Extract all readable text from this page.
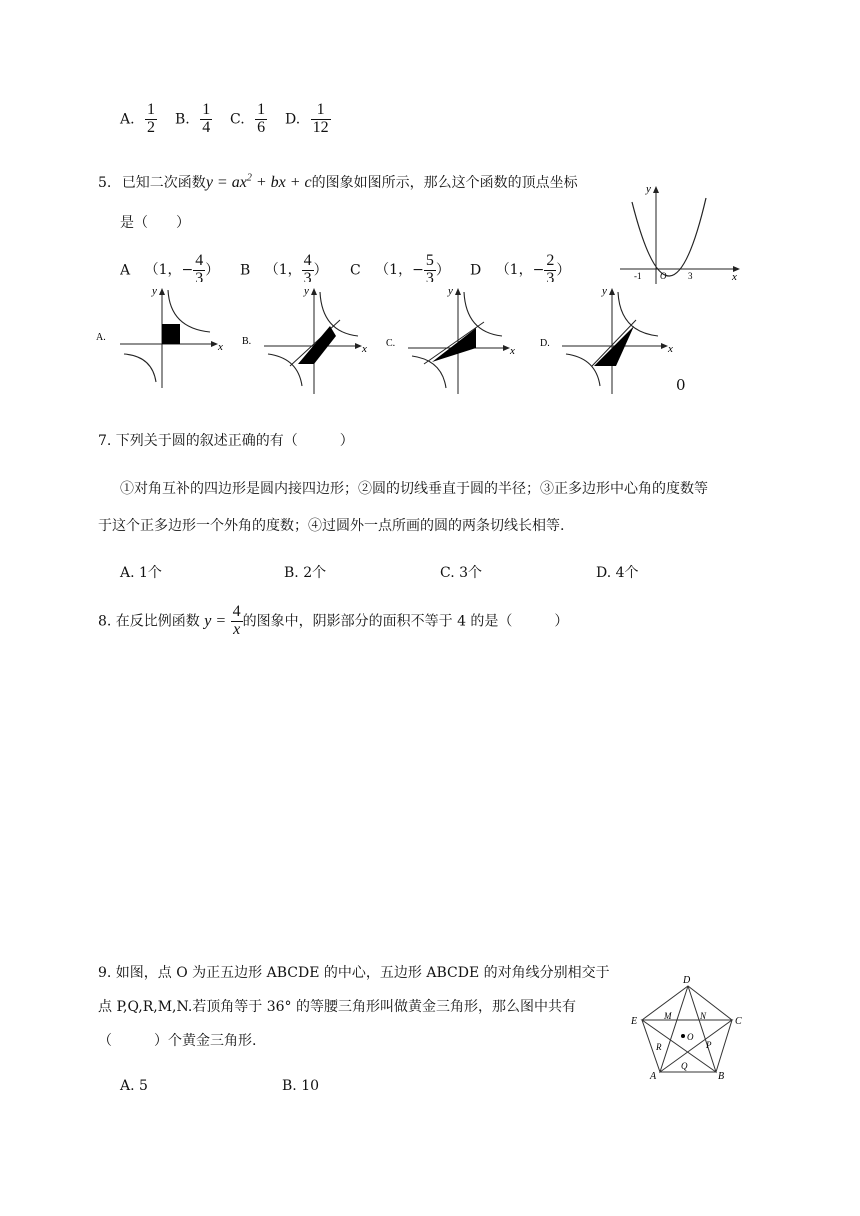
A. $\frac{1}{2} B$. $\frac{1}{4} C$. $\frac{1}{6} D$. $\frac{1}{12}$
5. 已知二次函数$y = ax^2$ + bx + c的图象如图所示，那么这个函数的顶点坐标
是（　　）
A （1，− $\frac{4}{3}$ ） B （1， $\frac{4}{3}$ ） C （1，− $\frac{5}{3}$ ） D （1，− $\frac{2}{3}$ ）
y
x
O
-1	3
A.
y
x B.
y
x C.
y
x
D.
y
x
0
7. 下列关于圆的叙述正确的有（　　　）
①对角互补的四边形是圆内接四边形；②圆的切线垂直于圆的半径；③正多边形中心角的度数等
于这个正多边形一个外角的度数；④过圆外一点所画的圆的两条切线长相等.
A. 1个	B. 2个	C. 3个	D. 4个
8. 在反比例函数 $y = \frac{4}{x}$ 的图象中，阴影部分的面积不等于 4 的是（　　　）
9. 如图，点 O 为正五边形 ABCDE 的中心，五边形 ABCDE 的对角线分别相交于
点 P,Q,R,M,N.若顶角等于 36° 的等腰三角形叫做黄金三角形，那么图中共有
（　　　）个黄金三角形.
A. 5	B. 10
D
E	C
A	B
M	N
R	P
Q
O
